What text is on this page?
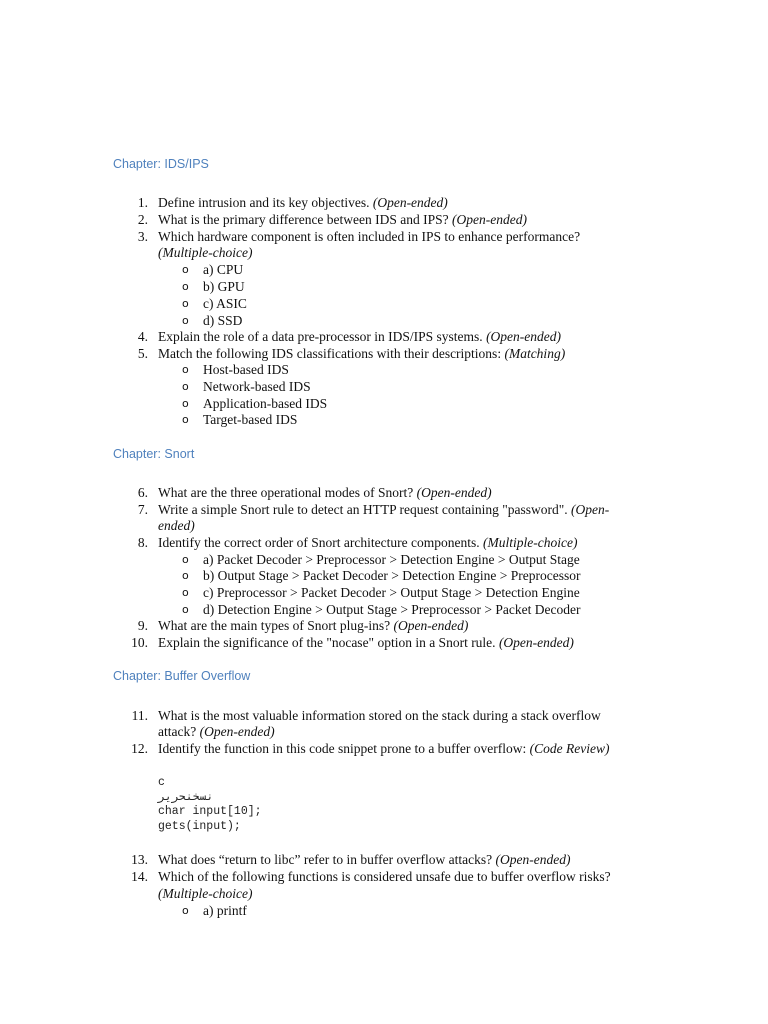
Chapter: IDS/IPS
1. Define intrusion and its key objectives. (Open-ended)
2. What is the primary difference between IDS and IPS? (Open-ended)
3. Which hardware component is often included in IPS to enhance performance?
(Multiple-choice)
o a) CPU
o b) GPU
o c) ASIC
o d) SSD
4. Explain the role of a data pre-processor in IDS/IPS systems. (Open-ended)
5. Match the following IDS classifications with their descriptions: (Matching)
o Host-based IDS
o Network-based IDS
o Application-based IDS
o Target-based IDS
Chapter: Snort
6. What are the three operational modes of Snort? (Open-ended)
7. Write a simple Snort rule to detect an HTTP request containing "password". (Open-
ended)
8. Identify the correct order of Snort architecture components. (Multiple-choice)
o a) Packet Decoder > Preprocessor > Detection Engine > Output Stage
o b) Output Stage > Packet Decoder > Detection Engine > Preprocessor
o c) Preprocessor > Packet Decoder > Output Stage > Detection Engine
o d) Detection Engine > Output Stage > Preprocessor > Packet Decoder
9. What are the main types of Snort plug-ins? (Open-ended)
10. Explain the significance of the "nocase" option in a Snort rule. (Open-ended)
Chapter: Buffer Overflow
11. What is the most valuable information stored on the stack during a stack overflow
attack? (Open-ended)
12. Identify the function in this code snippet prone to a buffer overflow: (Code Review)
c
نسخنحرير
char input[10];
gets(input);
13. What does “return to libc” refer to in buffer overflow attacks? (Open-ended)
14. Which of the following functions is considered unsafe due to buffer overflow risks?
(Multiple-choice)
o a) printf
